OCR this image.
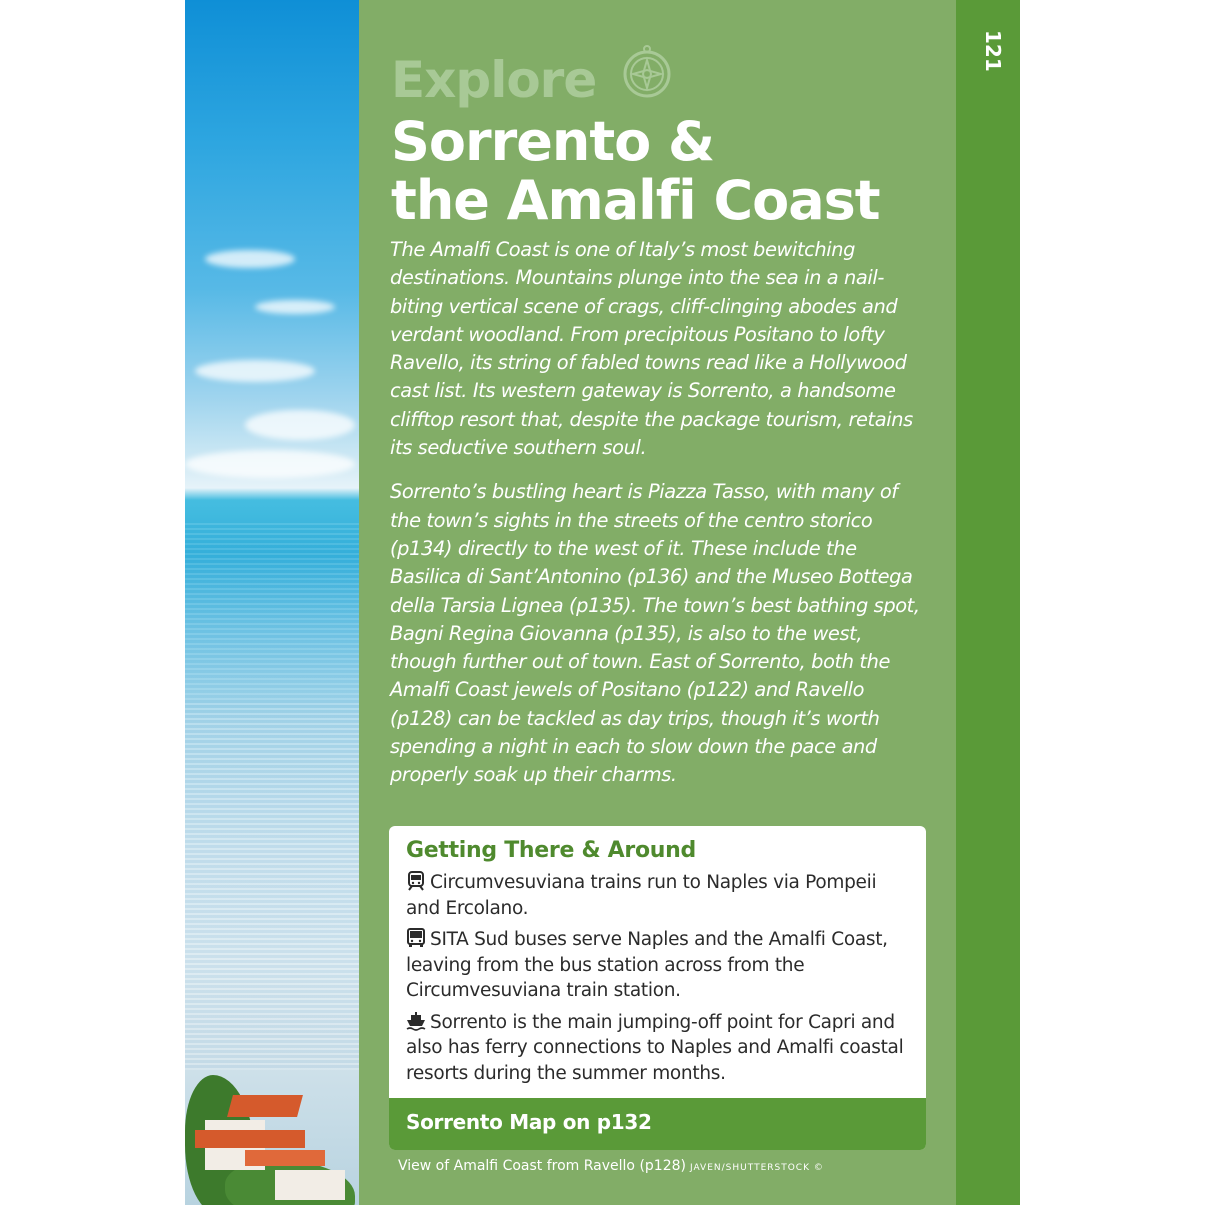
121
Explore
Sorrento &
the Amalfi Coast

The Amalfi Coast is one of Italy’s most bewitching destinations. Mountains plunge into the sea in a nail-biting vertical scene of crags, cliff-clinging abodes and verdant woodland. From precipitous Positano to lofty Ravello, its string of fabled towns read like a Hollywood cast list. Its western gateway is Sorrento, a handsome clifftop resort that, despite the package tourism, retains its seductive southern soul.

Sorrento’s bustling heart is Piazza Tasso, with many of the town’s sights in the streets of the centro storico (p134) directly to the west of it. These include the Basilica di Sant’Antonino (p136) and the Museo Bottega della Tarsia Lignea (p135). The town’s best bathing spot, Bagni Regina Giovanna (p135), is also to the west, though further out of town. East of Sorrento, both the Amalfi Coast jewels of Positano (p122) and Ravello (p128) can be tackled as day trips, though it’s worth spending a night in each to slow down the pace and properly soak up their charms.

Getting There & Around
Circumvesuviana trains run to Naples via Pompeii and Ercolano.
SITA Sud buses serve Naples and the Amalfi Coast, leaving from the bus station across from the Circumvesuviana train station.
Sorrento is the main jumping-off point for Capri and also has ferry connections to Naples and Amalfi coastal resorts during the summer months.
Sorrento Map on p132
View of Amalfi Coast from Ravello (p128) JAVEN/SHUTTERSTOCK ©
